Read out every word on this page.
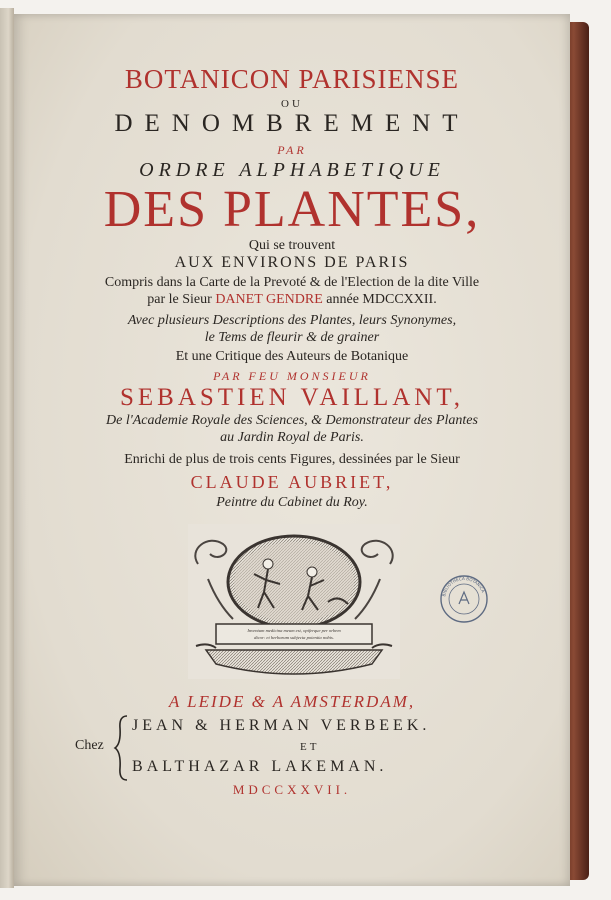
BOTANICON PARISIENSE
OU
DENOMBREMENT
PAR
ORDRE ALPHABETIQUE
DES PLANTES,
Qui se trouvent
AUX ENVIRONS DE PARIS
Compris dans la Carte de la Prevoté & de l'Election de la dite Ville
par le Sieur DANET GENDRE année MDCCXXII.
Avec plusieurs Descriptions des Plantes, leurs Synonymes,
le Tems de fleurir & de grainer
Et une Critique des Auteurs de Botanique
PAR FEU MONSIEUR
SEBASTIEN VAILLANT,
De l'Academie Royale des Sciences, & Demonstrateur des Plantes
au Jardin Royal de Paris.
Enrichi de plus de trois cents Figures, dessinées par le Sieur
CLAUDE AUBRIET,
Peintre du Cabinet du Roy.
Inventum medicina meum est, opiferque per orbem
dicor: et herbarum subjecta potentia nobis.
BIBLIOTHECA BOTANICA
A LEIDE & A AMSTERDAM,
Chez
JEAN & HERMAN VERBEEK.
ET
BALTHAZAR LAKEMAN.
MDCCXXVII.
